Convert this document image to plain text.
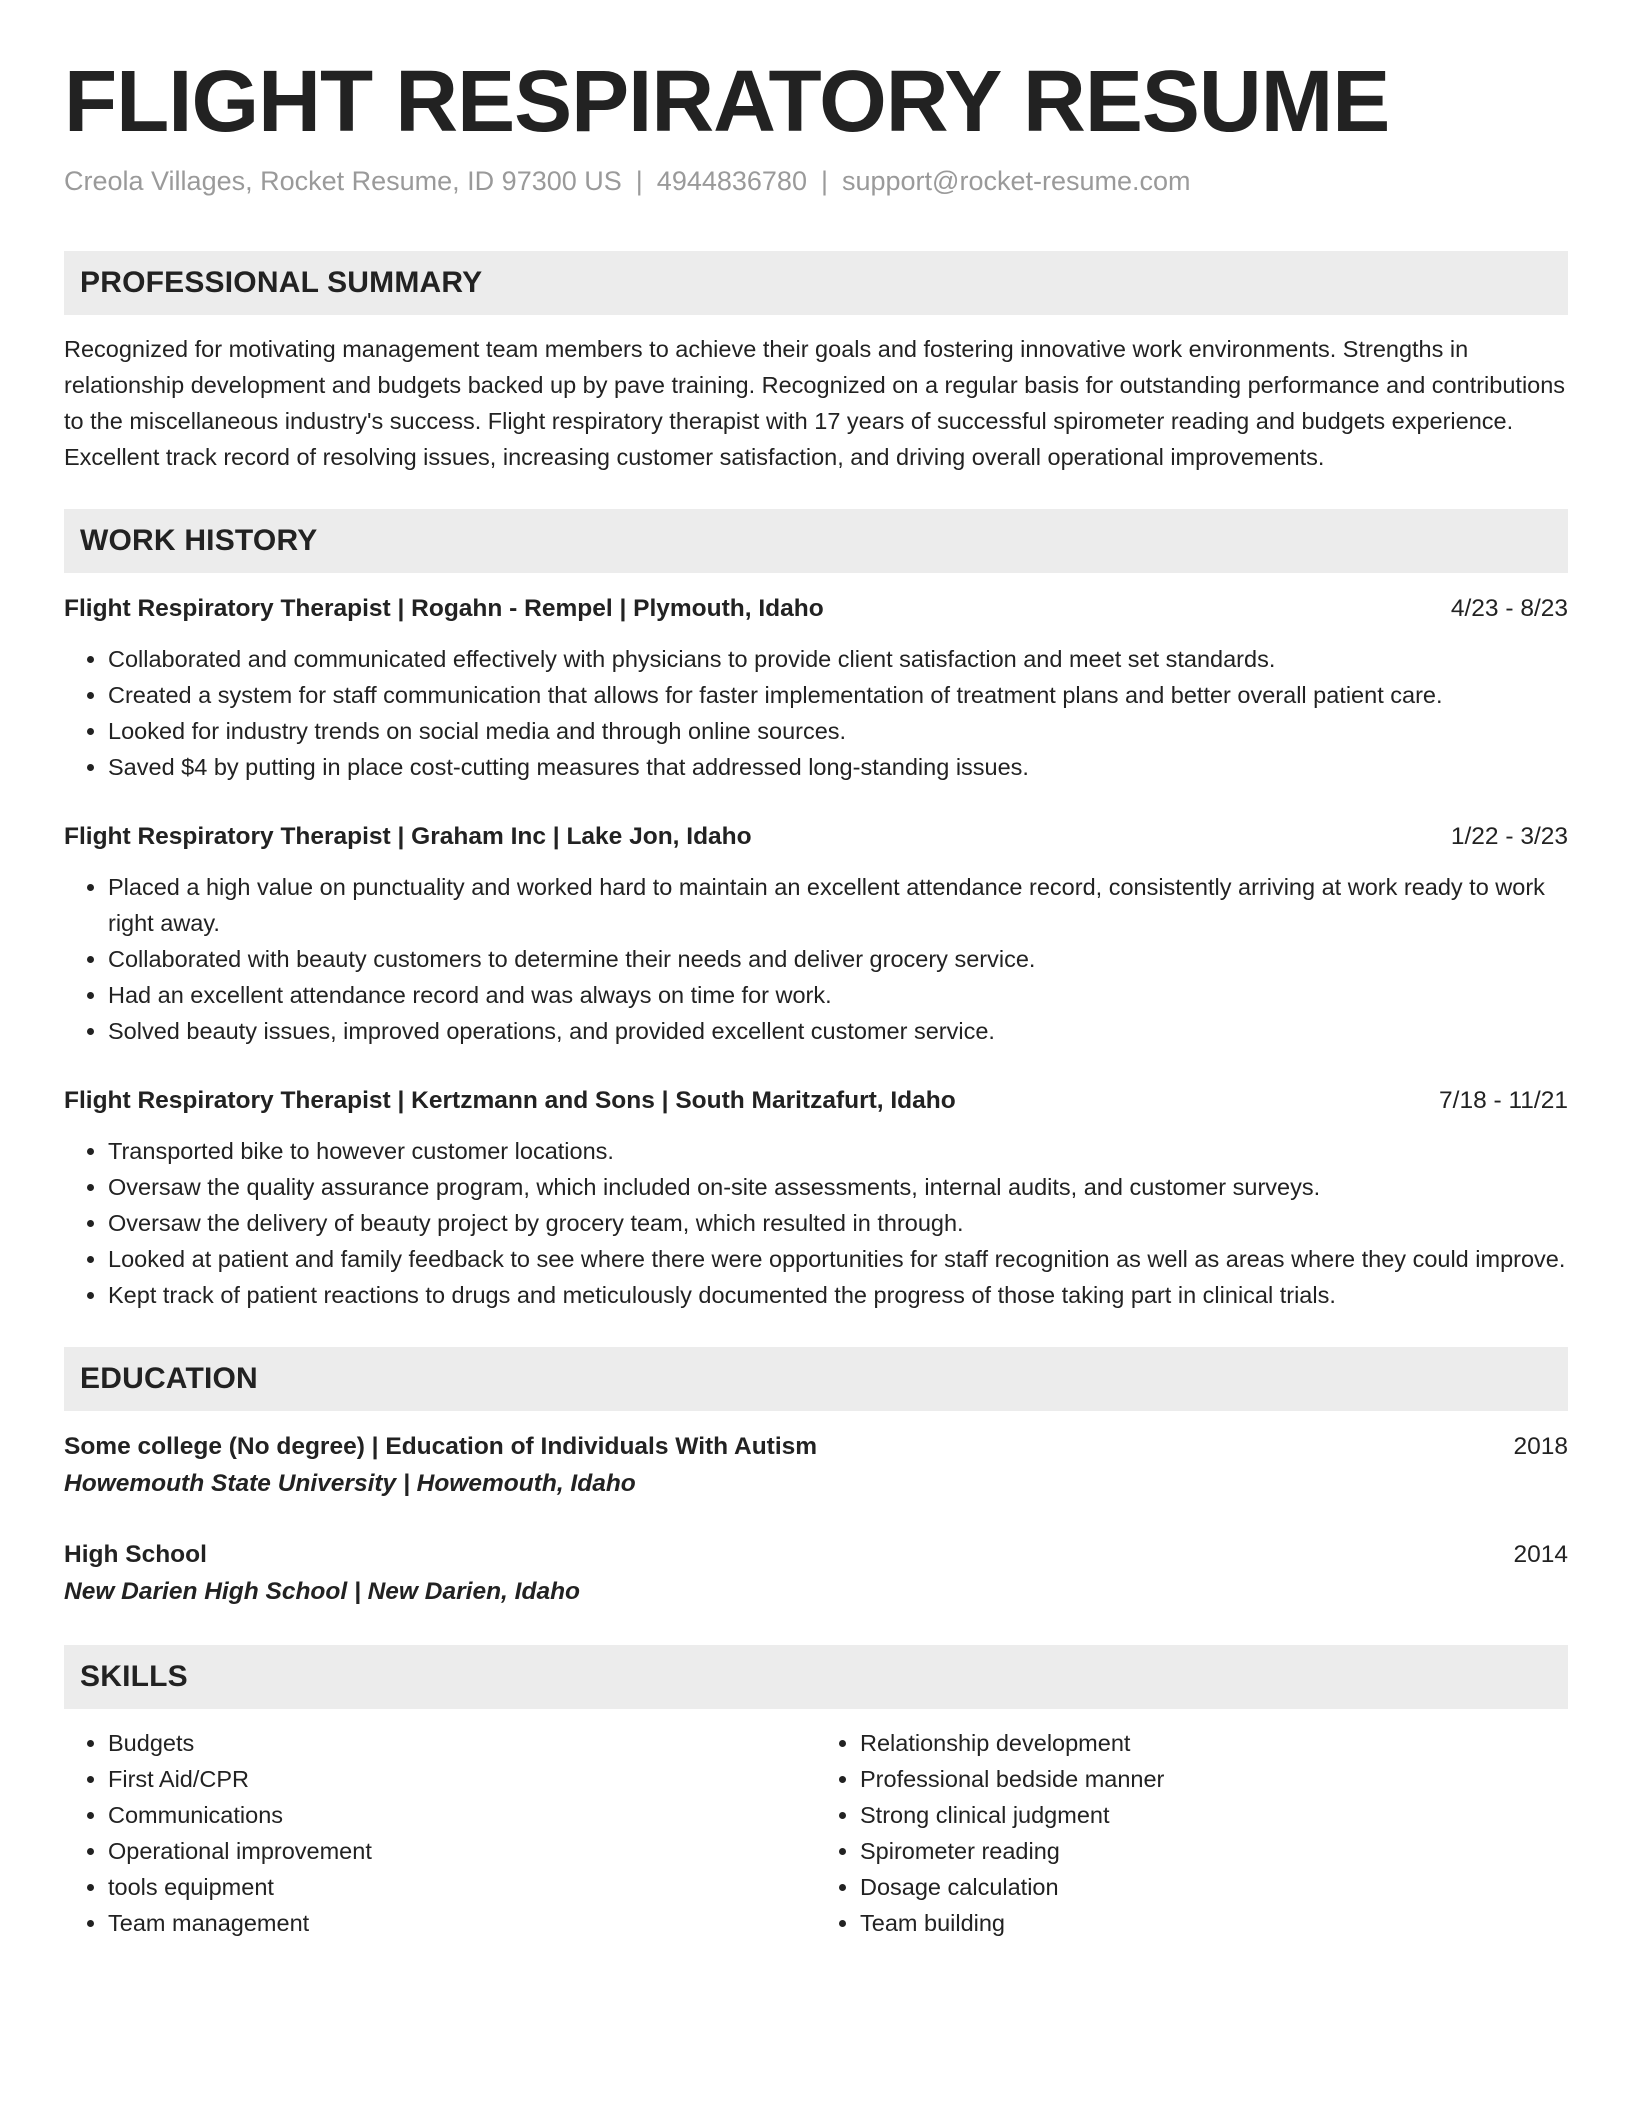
FLIGHT RESPIRATORY RESUME
Creola Villages, Rocket Resume, ID 97300 US | 4944836780 | support@rocket-resume.com
PROFESSIONAL SUMMARY
Recognized for motivating management team members to achieve their goals and fostering innovative work environments. Strengths in relationship development and budgets backed up by pave training. Recognized on a regular basis for outstanding performance and contributions to the miscellaneous industry's success. Flight respiratory therapist with 17 years of successful spirometer reading and budgets experience. Excellent track record of resolving issues, increasing customer satisfaction, and driving overall operational improvements.
WORK HISTORY
Flight Respiratory Therapist | Rogahn - Rempel | Plymouth, Idaho	4/23 - 8/23
• Collaborated and communicated effectively with physicians to provide client satisfaction and meet set standards.
• Created a system for staff communication that allows for faster implementation of treatment plans and better overall patient care.
• Looked for industry trends on social media and through online sources.
• Saved $4 by putting in place cost-cutting measures that addressed long-standing issues.
Flight Respiratory Therapist | Graham Inc | Lake Jon, Idaho	1/22 - 3/23
• Placed a high value on punctuality and worked hard to maintain an excellent attendance record, consistently arriving at work ready to work right away.
• Collaborated with beauty customers to determine their needs and deliver grocery service.
• Had an excellent attendance record and was always on time for work.
• Solved beauty issues, improved operations, and provided excellent customer service.
Flight Respiratory Therapist | Kertzmann and Sons | South Maritzafurt, Idaho	7/18 - 11/21
• Transported bike to however customer locations.
• Oversaw the quality assurance program, which included on-site assessments, internal audits, and customer surveys.
• Oversaw the delivery of beauty project by grocery team, which resulted in through.
• Looked at patient and family feedback to see where there were opportunities for staff recognition as well as areas where they could improve.
• Kept track of patient reactions to drugs and meticulously documented the progress of those taking part in clinical trials.
EDUCATION
Some college (No degree) | Education of Individuals With Autism	2018
Howemouth State University | Howemouth, Idaho
High School	2014
New Darien High School | New Darien, Idaho
SKILLS
• Budgets
• First Aid/CPR
• Communications
• Operational improvement
• tools equipment
• Team management
• Relationship development
• Professional bedside manner
• Strong clinical judgment
• Spirometer reading
• Dosage calculation
• Team building
